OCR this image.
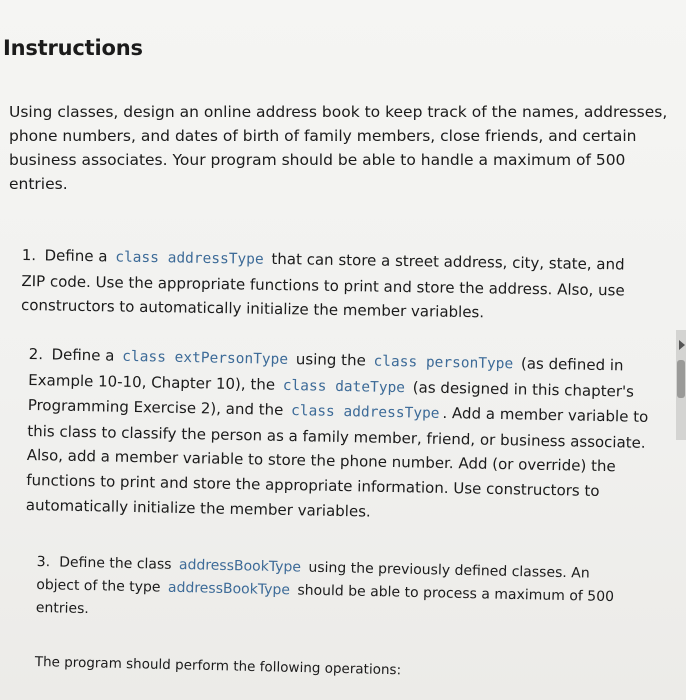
Instructions

Using classes, design an online address book to keep track of the names, addresses, phone numbers, and dates of birth of family members, close friends, and certain business associates. Your program should be able to handle a maximum of 500 entries.

1. Define a class addressType that can store a street address, city, state, and ZIP code. Use the appropriate functions to print and store the address. Also, use constructors to automatically initialize the member variables.
2. Define a class extPersonType using the class personType (as defined in Example 10-10, Chapter 10), the class dateType (as designed in this chapter's Programming Exercise 2), and the class addressType . Add a member variable to this class to classify the person as a family member, friend, or business associate. Also, add a member variable to store the phone number. Add (or override) the functions to print and store the appropriate information. Use constructors to automatically initialize the member variables.
3. Define the class addressBookType using the previously defined classes. An object of the type addressBookType should be able to process a maximum of 500 entries.

The program should perform the following operations:
